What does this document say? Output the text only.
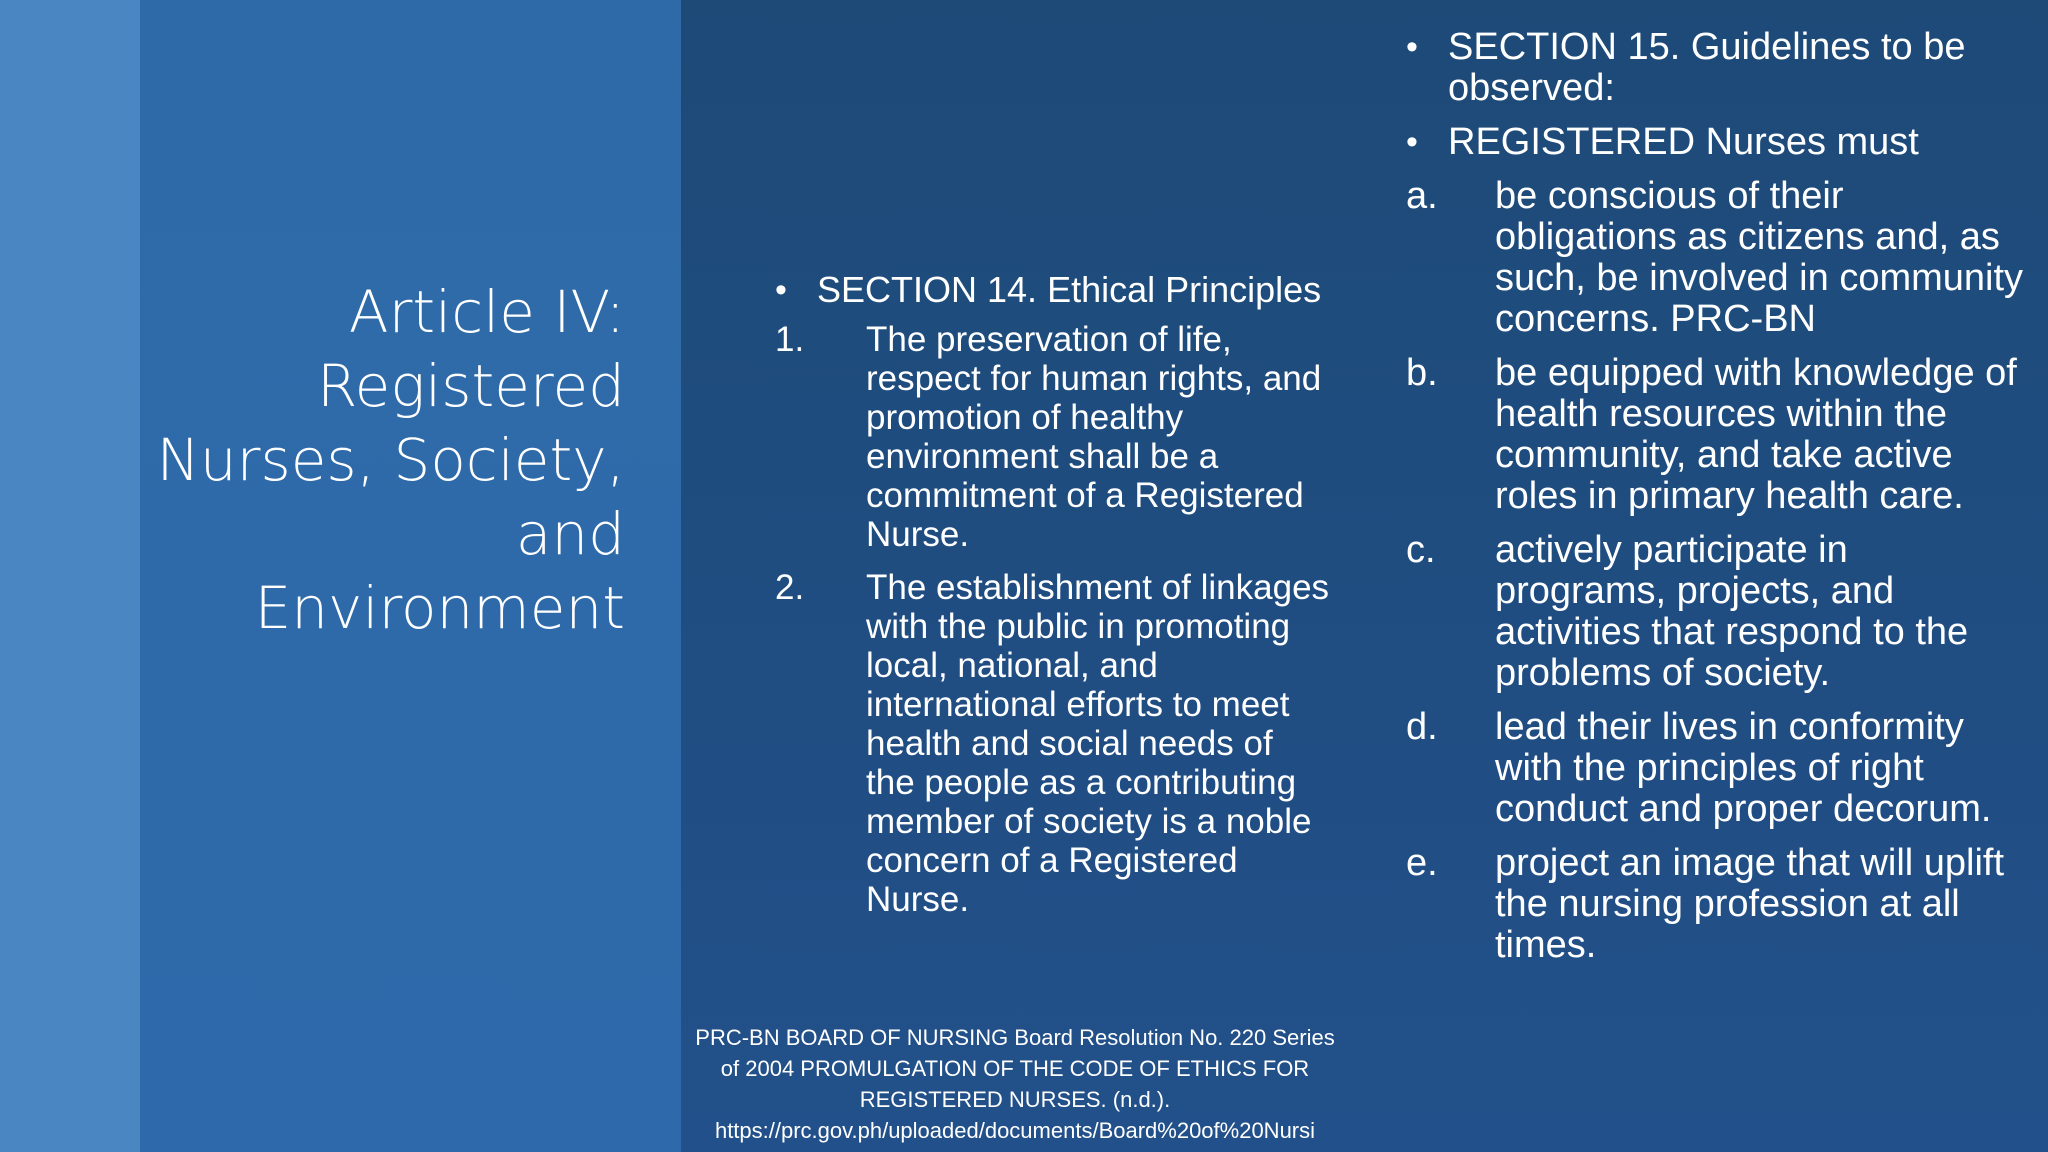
Article IV:
Registered
Nurses, Society,
and
Environment
• SECTION 14. Ethical Principles
1.	The preservation of life, respect for human rights, and promotion of healthy environment shall be a commitment of a Registered Nurse.
2.	The establishment of linkages with the public in promoting local, national, and international efforts to meet health and social needs of the people as a contributing member of society is a noble concern of a Registered Nurse.
• SECTION 15. Guidelines to be observed:
• REGISTERED Nurses must
a.	be conscious of their obligations as citizens and, as such, be involved in community concerns. PRC-BN
b.	be equipped with knowledge of health resources within the community, and take active roles in primary health care.
c.	actively participate in programs, projects, and activities that respond to the problems of society.
d.	lead their lives in conformity with the principles of right conduct and proper decorum.
e.	project an image that will uplift the nursing profession at all times.
PRC-BN BOARD OF NURSING Board Resolution No. 220 Series of 2004 PROMULGATION OF THE CODE OF ETHICS FOR REGISTERED NURSES. (n.d.).
https://prc.gov.ph/uploaded/documents/Board%20of%20Nursi
